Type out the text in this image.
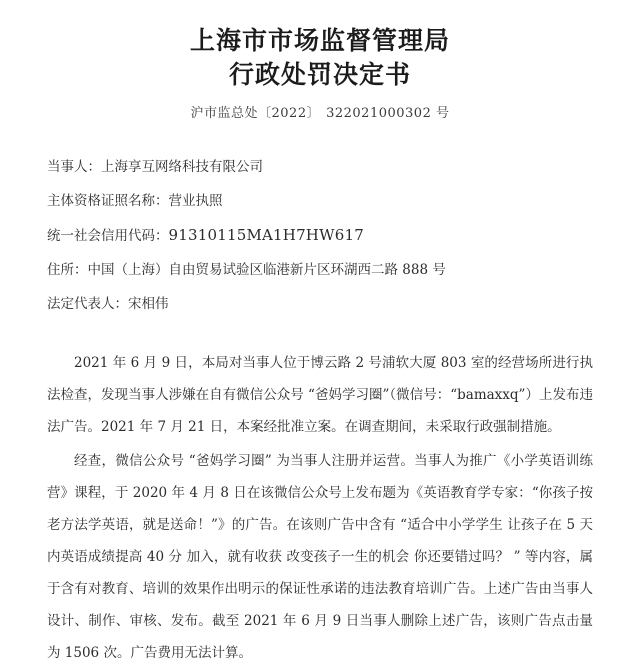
上海市市场监督管理局
行政处罚决定书
沪市监总处〔2022〕 322021000302 号
当事人：上海享互网络科技有限公司
主体资格证照名称：营业执照
统一社会信用代码：91310115MA1H7HW617
住所：中国（上海）自由贸易试验区临港新片区环湖西二路 888 号
法定代表人：宋相伟

2021 年 6 月 9 日，本局对当事人位于博云路 2 号浦软大厦 803 室的经营场所进行执法检查，发现当事人涉嫌在自有微信公众号 “爸妈学习圈”（微信号：“bamaxxq”）上发布违法广告。2021 年 7 月 21 日，本案经批准立案。在调查期间，未采取行政强制措施。

经查，微信公众号 “爸妈学习圈” 为当事人注册并运营。当事人为推广《小学英语训练营》课程，于 2020 年 4 月 8 日在该微信公众号上发布题为《英语教育学专家：“你孩子按老方法学英语，就是送命！”》的广告。在该则广告中含有 “适合中小学学生 让孩子在 5 天内英语成绩提高 40 分 加入，就有收获 改变孩子一生的机会 你还要错过吗？ ” 等内容，属于含有对教育、培训的效果作出明示的保证性承诺的违法教育培训广告。上述广告由当事人设计、制作、审核、发布。截至 2021 年 6 月 9 日当事人删除上述广告，该则广告点击量为 1506 次。广告费用无法计算。
